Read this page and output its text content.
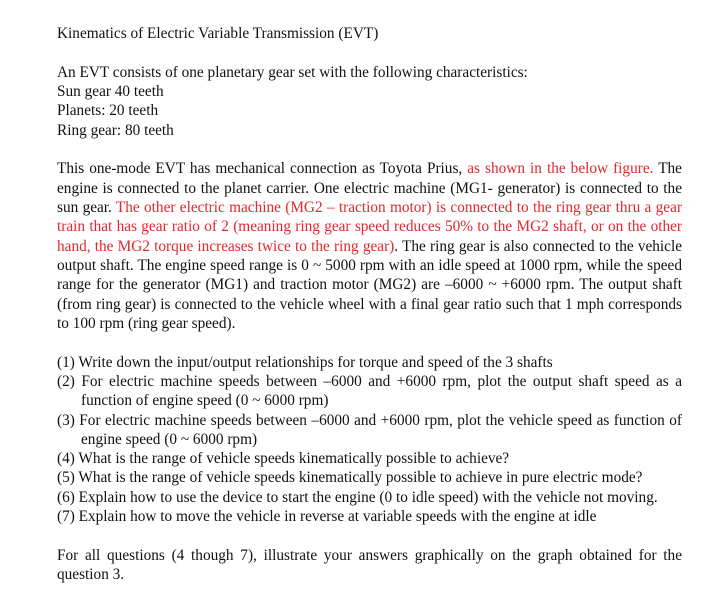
Kinematics of Electric Variable Transmission (EVT)

An EVT consists of one planetary gear set with the following characteristics:

Sun gear 40 teeth

Planets: 20 teeth

Ring gear: 80 teeth

This one-mode EVT has mechanical connection as Toyota Prius, as shown in the below figure. The engine is connected to the planet carrier. One electric machine (MG1- generator) is connected to the sun gear. The other electric machine (MG2 – traction motor) is connected to the ring gear thru a gear train that has gear ratio of 2 (meaning ring gear speed reduces 50% to the MG2 shaft, or on the other hand, the MG2 torque increases twice to the ring gear). The ring gear is also connected to the vehicle output shaft. The engine speed range is 0 ~ 5000 rpm with an idle speed at 1000 rpm, while the speed range for the generator (MG1) and traction motor (MG2) are –6000 ~ +6000 rpm. The output shaft (from ring gear) is connected to the vehicle wheel with a final gear ratio such that 1 mph corresponds to 100 rpm (ring gear speed).

(1) Write down the input/output relationships for torque and speed of the 3 shafts
(2) For electric machine speeds between –6000 and +6000 rpm, plot the output shaft speed as a function of engine speed (0 ~ 6000 rpm)
(3) For electric machine speeds between –6000 and +6000 rpm, plot the vehicle speed as function of engine speed (0 ~ 6000 rpm)
(4) What is the range of vehicle speeds kinematically possible to achieve?
(5) What is the range of vehicle speeds kinematically possible to achieve in pure electric mode?
(6) Explain how to use the device to start the engine (0 to idle speed) with the vehicle not moving.
(7) Explain how to move the vehicle in reverse at variable speeds with the engine at idle

For all questions (4 though 7), illustrate your answers graphically on the graph obtained for the question 3.
